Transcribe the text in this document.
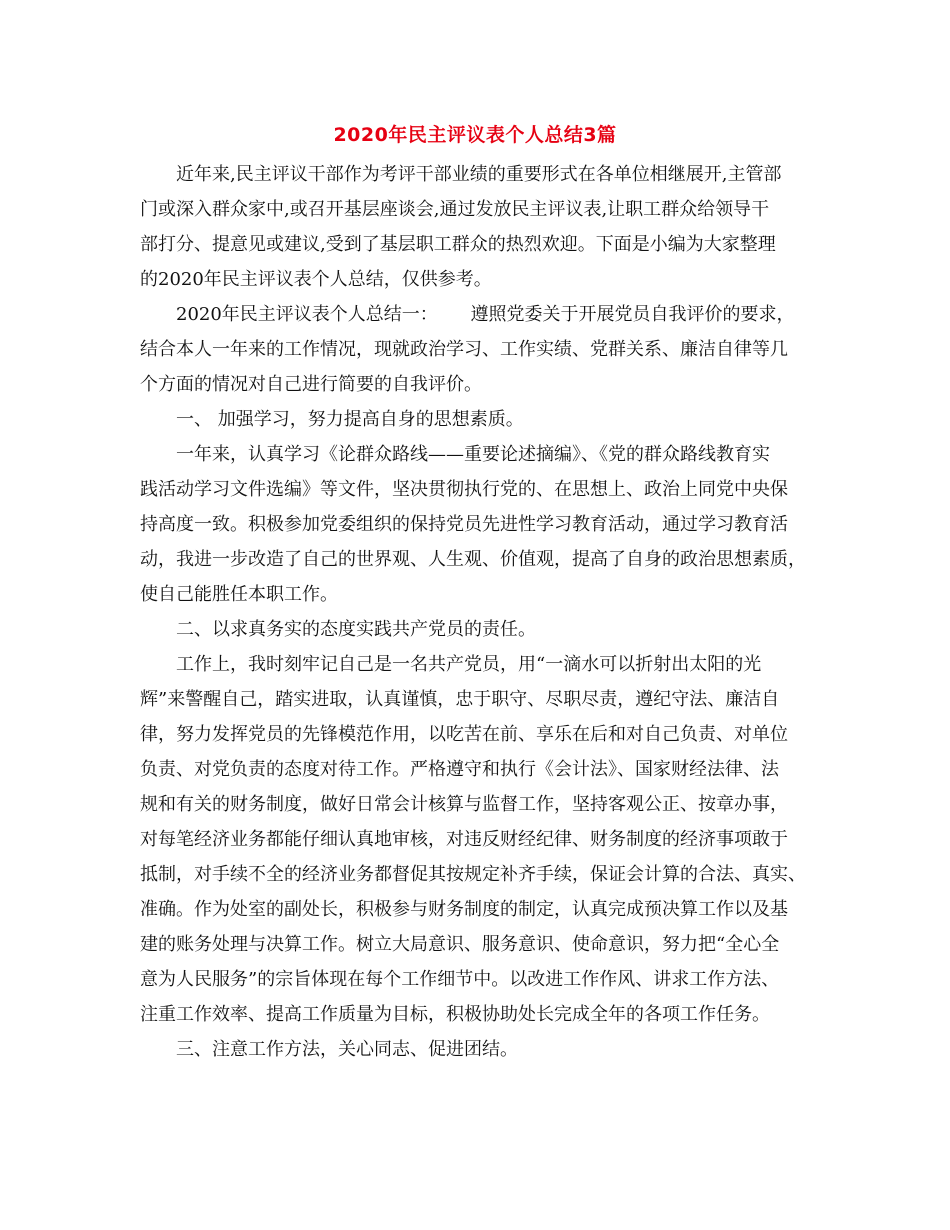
2020年民主评议表个人总结3篇
近年来,民主评议干部作为考评干部业绩的重要形式在各单位相继展开,主管部
门或深入群众家中,或召开基层座谈会,通过发放民主评议表,让职工群众给领导干
部打分、提意见或建议,受到了基层职工群众的热烈欢迎。下面是小编为大家整理
的2020年民主评议表个人总结，仅供参考。
2020年民主评议表个人总结一：　　 遵照党委关于开展党员自我评价的要求，
结合本人一年来的工作情况，现就政治学习、工作实绩、党群关系、廉洁自律等几
个方面的情况对自己进行简要的自我评价。
一、 加强学习，努力提高自身的思想素质。
一年来，认真学习《论群众路线——重要论述摘编》、《党的群众路线教育实
践活动学习文件选编》等文件，坚决贯彻执行党的、在思想上、政治上同党中央保
持高度一致。积极参加党委组织的保持党员先进性学习教育活动，通过学习教育活
动，我进一步改造了自己的世界观、人生观、价值观，提高了自身的政治思想素质，
使自己能胜任本职工作。
二、以求真务实的态度实践共产党员的责任。
工作上，我时刻牢记自己是一名共产党员，用“一滴水可以折射出太阳的光
辉”来警醒自己，踏实进取，认真谨慎，忠于职守、尽职尽责，遵纪守法、廉洁自
律，努力发挥党员的先锋模范作用，以吃苦在前、享乐在后和对自己负责、对单位
负责、对党负责的态度对待工作。严格遵守和执行《会计法》、国家财经法律、法
规和有关的财务制度，做好日常会计核算与监督工作，坚持客观公正、按章办事，
对每笔经济业务都能仔细认真地审核，对违反财经纪律、财务制度的经济事项敢于
抵制，对手续不全的经济业务都督促其按规定补齐手续，保证会计算的合法、真实、
准确。作为处室的副处长，积极参与财务制度的制定，认真完成预决算工作以及基
建的账务处理与决算工作。树立大局意识、服务意识、使命意识，努力把“全心全
意为人民服务”的宗旨体现在每个工作细节中。以改进工作作风、讲求工作方法、
注重工作效率、提高工作质量为目标，积极协助处长完成全年的各项工作任务。
三、注意工作方法，关心同志、促进团结。
